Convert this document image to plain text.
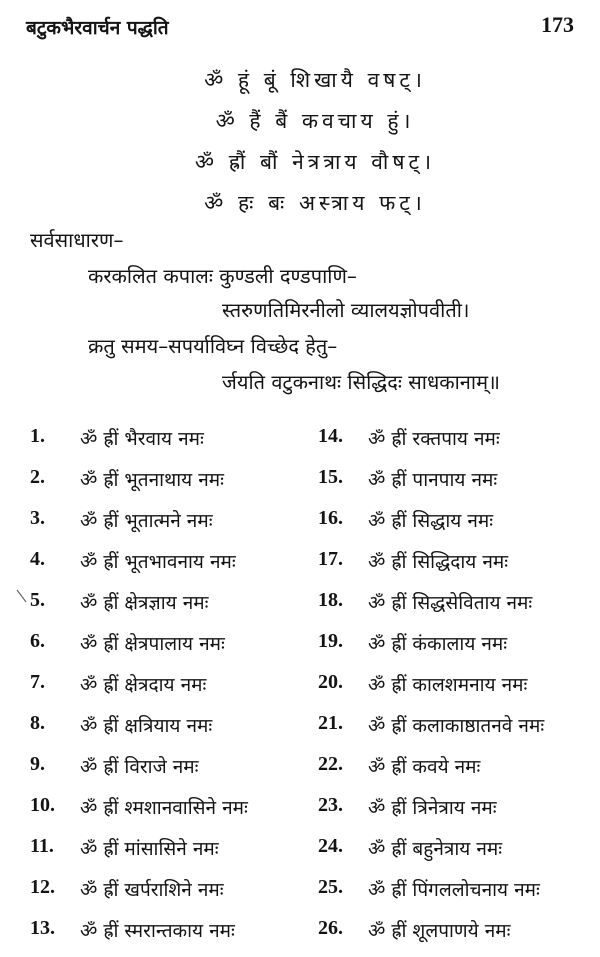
बटुकभैरवार्चन पद्धति	173
ॐ हूं बूं शिखायै वषट्।
ॐ हैं बैं कवचाय हुं।
ॐ ह्रौं बौं नेत्रत्राय वौषट्।
ॐ हः बः अस्त्राय फट्।
सर्वसाधारण–
करकलित कपालः कुण्डली दण्डपाणि–
स्तरुणतिमिरनीलो व्यालयज्ञोपवीती।
क्रतु समय–सपर्याविघ्न विच्छेद हेतु–
र्जयति वटुकनाथः सिद्धिदः साधकानाम्॥
1. ॐ ह्रीं भैरवाय नमः
2. ॐ ह्रीं भूतनाथाय नमः
3. ॐ ह्रीं भूतात्मने नमः
4. ॐ ह्रीं भूतभावनाय नमः
5. ॐ ह्रीं क्षेत्रज्ञाय नमः
6. ॐ ह्रीं क्षेत्रपालाय नमः
7. ॐ ह्रीं क्षेत्रदाय नमः
8. ॐ ह्रीं क्षत्रियाय नमः
9. ॐ ह्रीं विराजे नमः
10. ॐ ह्रीं श्मशानवासिने नमः
11. ॐ ह्रीं मांसासिने नमः
12. ॐ ह्रीं खर्पराशिने नमः
13. ॐ ह्रीं स्मरान्तकाय नमः
14. ॐ ह्रीं रक्तपाय नमः
15. ॐ ह्रीं पानपाय नमः
16. ॐ ह्रीं सिद्धाय नमः
17. ॐ ह्रीं सिद्धिदाय नमः
18. ॐ ह्रीं सिद्धसेविताय नमः
19. ॐ ह्रीं कंकालाय नमः
20. ॐ ह्रीं कालशमनाय नमः
21. ॐ ह्रीं कलाकाष्ठातनवे नमः
22. ॐ ह्रीं कवये नमः
23. ॐ ह्रीं त्रिनेत्राय नमः
24. ॐ ह्रीं बहुनेत्राय नमः
25. ॐ ह्रीं पिंगललोचनाय नमः
26. ॐ ह्रीं शूलपाणये नमः
